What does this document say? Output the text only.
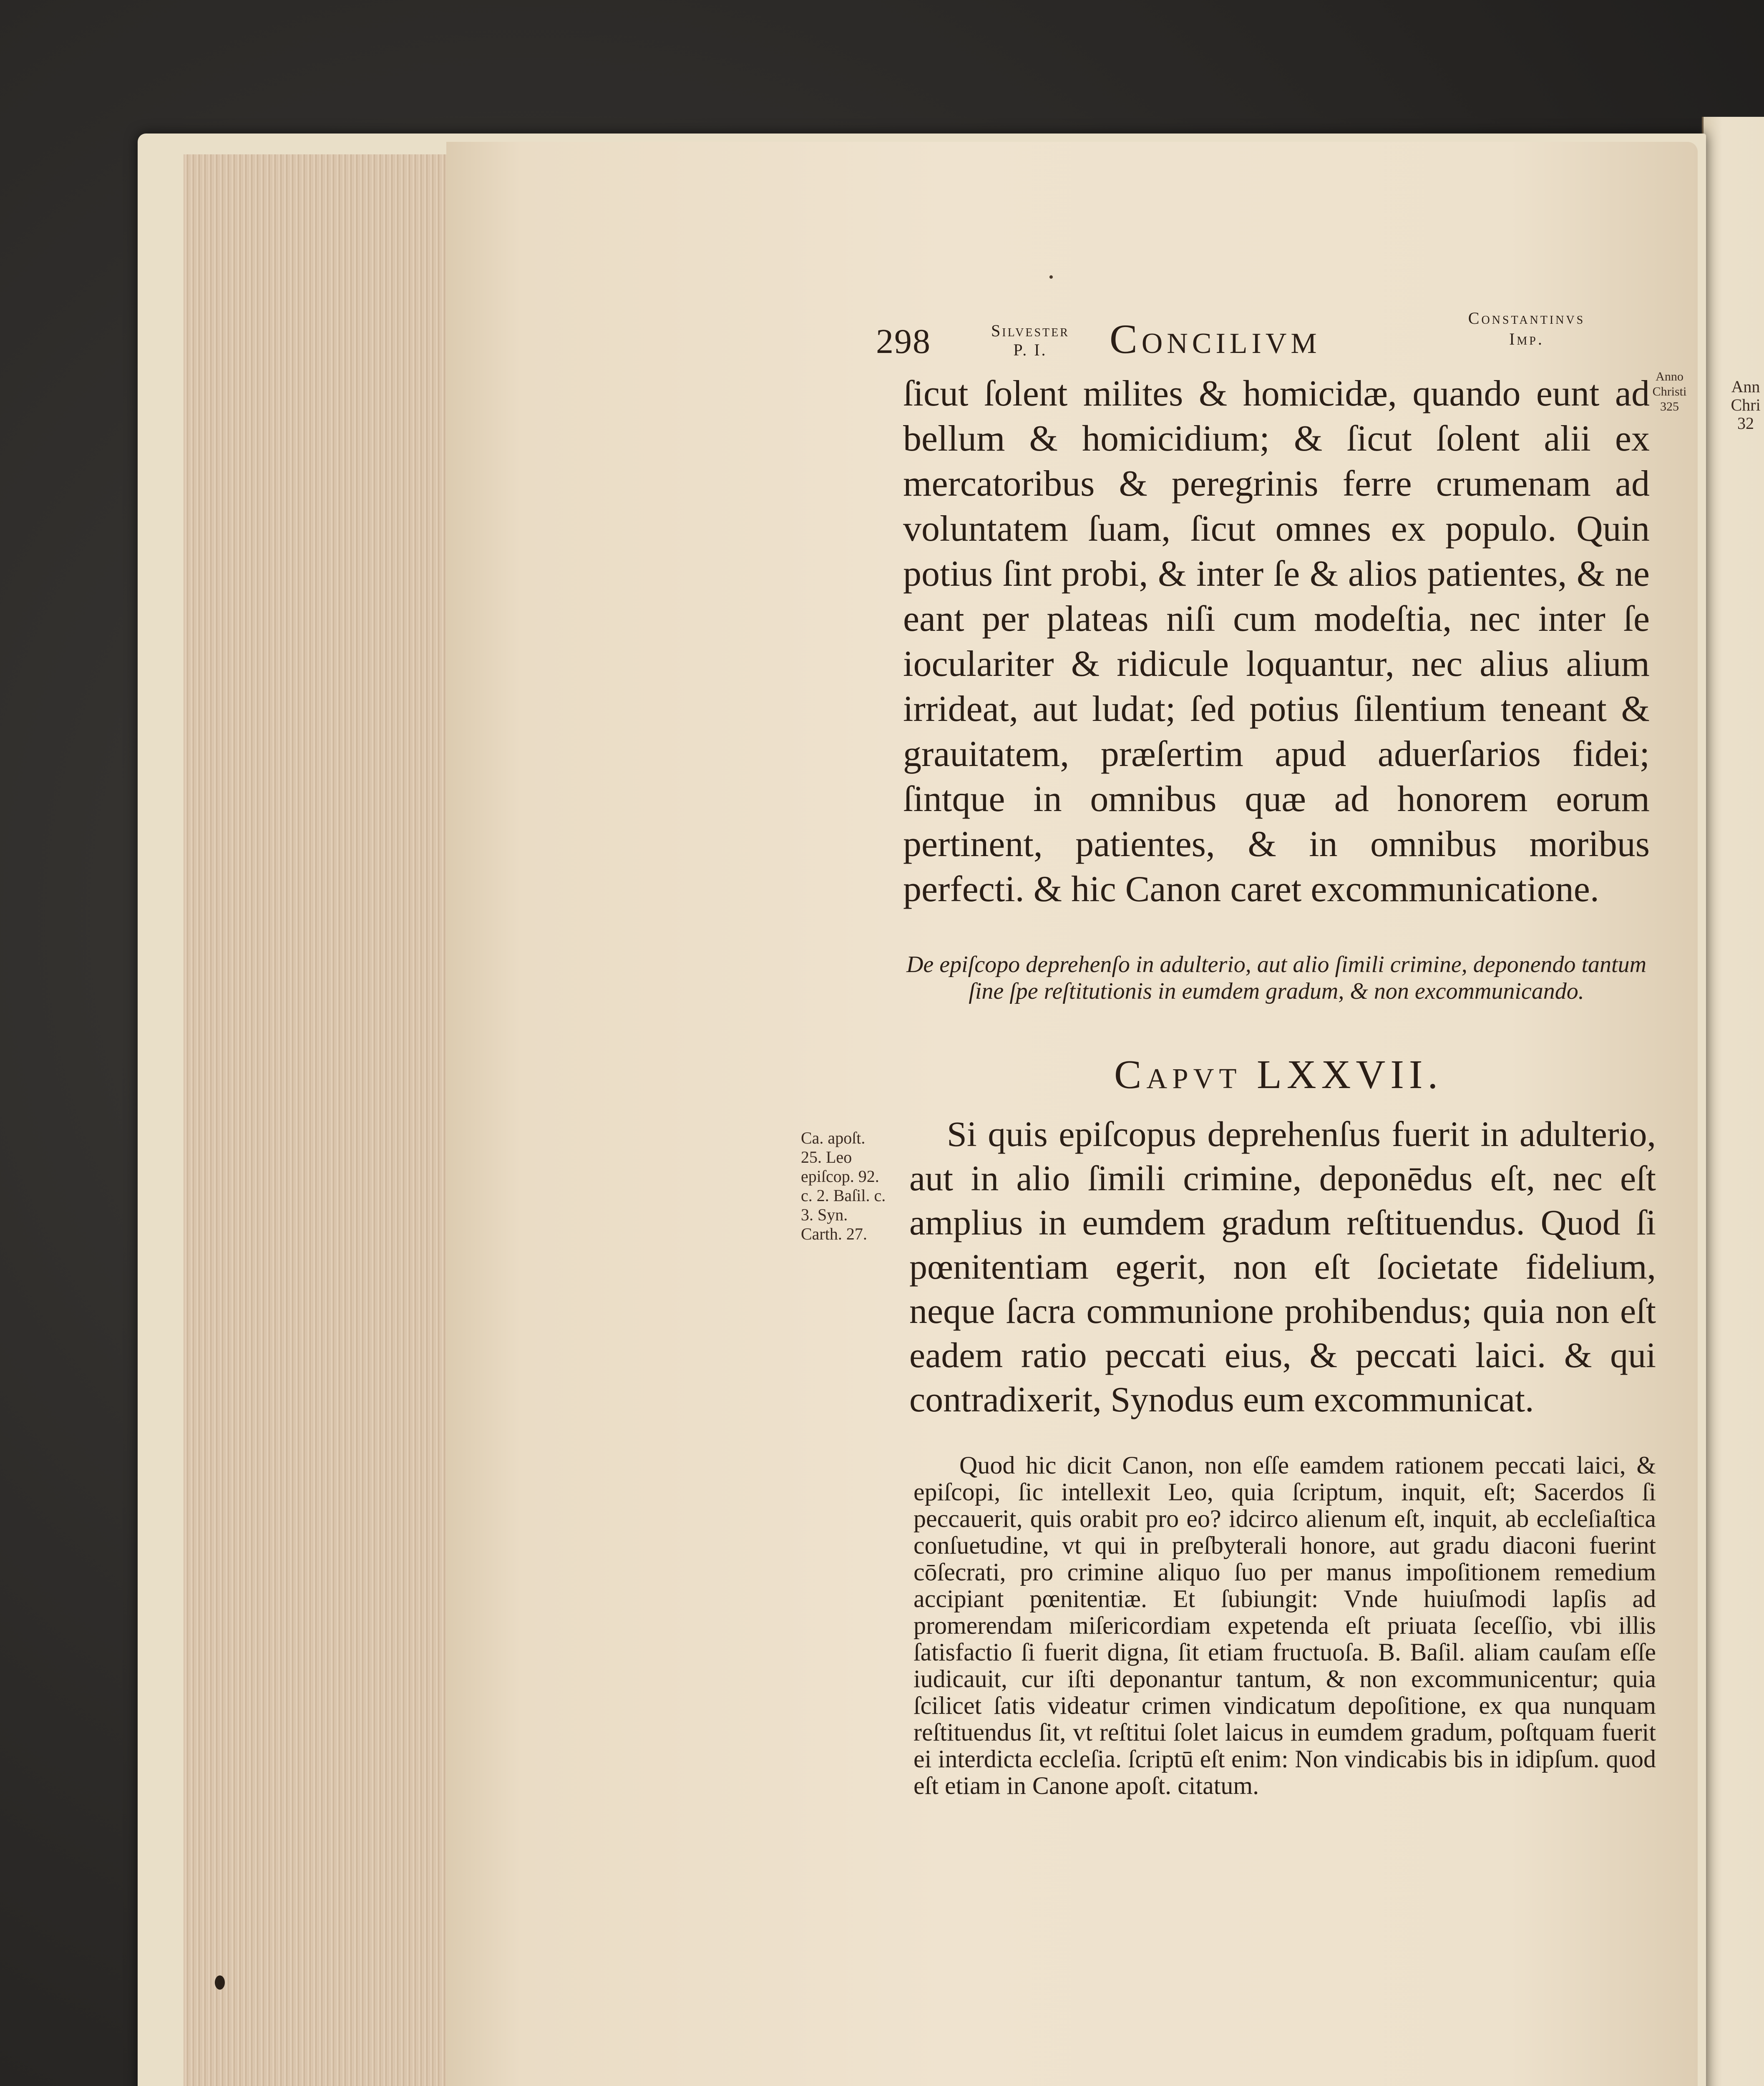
Ann Chri 32
•
298	Silvester
P. I.	Concilivm	Constantinvs
Imp.
Anno Christi 325
ſicut ſolent milites & homicidæ, quando eunt ad bellum & homicidium; & ſicut ſolent alii ex mercatoribus & peregrinis ferre crumenam ad voluntatem ſuam, ſicut omnes ex populo. Quin potius ſint probi, & inter ſe & alios patientes, & ne eant per plateas niſi cum modeſtia, nec inter ſe ioculariter & ridicule loquantur, nec alius alium irrideat, aut ludat; ſed potius ſilentium teneant & grauitatem, præſertim apud aduerſarios fidei; ſintque in omnibus quæ ad honorem eorum pertinent, patientes, & in omnibus moribus perfecti. & hic Canon caret excommunicatione.
De epiſcopo deprehenſo in adulterio, aut alio ſimili crimine, deponendo tantum ſine ſpe reſtitutionis in eumdem gradum, & non excommunicando.
Capvt LXXVII.
Ca. apoſt. 25. Leo epiſcop. 92. c. 2. Baſil. c. 3. Syn. Carth. 27.
Si quis epiſcopus deprehenſus fuerit in adulterio, aut in alio ſimili crimine, deponēdus eſt, nec eſt amplius in eumdem gradum reſtituendus. Quod ſi pœnitentiam egerit, non eſt ſocietate fidelium, neque ſacra communione prohibendus; quia non eſt eadem ratio peccati eius, & peccati laici. & qui contradixerit, Synodus eum excommunicat.
Quod hic dicit Canon, non eſſe eamdem rationem peccati laici, & epiſcopi, ſic intellexit Leo, quia ſcriptum, inquit, eſt; Sacerdos ſi peccauerit, quis orabit pro eo? idcirco alienum eſt, inquit, ab eccleſiaſtica conſuetudine, vt qui in preſbyterali honore, aut gradu diaconi fuerint cōſecrati, pro crimine aliquo ſuo per manus impoſitionem remedium accipiant pœnitentiæ. Et ſubiungit: Vnde huiuſmodi lapſis ad promerendam miſericordiam expetenda eſt priuata ſeceſſio, vbi illis ſatisfactio ſi fuerit digna, ſit etiam fructuoſa. B. Baſil. aliam cauſam eſſe iudicauit, cur iſti deponantur tantum, & non excommunicentur; quia ſcilicet ſatis videatur crimen vindicatum depoſitione, ex qua nunquam reſtituendus ſit, vt reſtitui ſolet laicus in eumdem gradum, poſtquam fuerit ei interdicta eccleſia. ſcriptū eſt enim: Non vindicabis bis in idipſum. quod eſt etiam in Canone apoſt. citatum.
